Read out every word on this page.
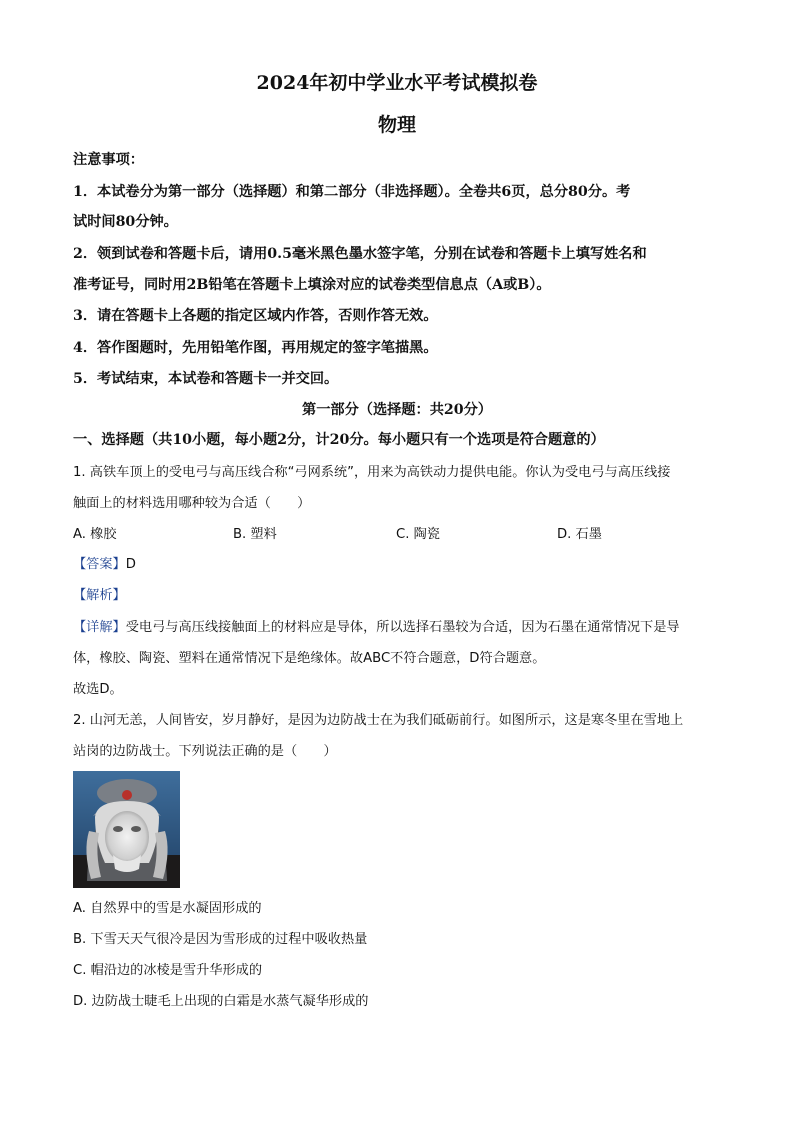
2024年初中学业水平考试模拟卷
物理
注意事项：
1．本试卷分为第一部分（选择题）和第二部分（非选择题）。全卷共6页，总分80分。考
试时间80分钟。
2．领到试卷和答题卡后，请用0.5毫米黑色墨水签字笔，分别在试卷和答题卡上填写姓名和
准考证号，同时用2B铅笔在答题卡上填涂对应的试卷类型信息点（A或B）。
3．请在答题卡上各题的指定区域内作答，否则作答无效。
4．答作图题时，先用铅笔作图，再用规定的签字笔描黑。
5．考试结束，本试卷和答题卡一并交回。
第一部分（选择题：共20分）
一、选择题（共10小题，每小题2分，计20分。每小题只有一个选项是符合题意的）
1. 高铁车顶上的受电弓与高压线合称“弓网系统”，用来为高铁动力提供电能。你认为受电弓与高压线接
触面上的材料选用哪种较为合适（　　）
A. 橡胶	B. 塑料	C. 陶瓷	D. 石墨
【答案】D
【解析】
【详解】受电弓与高压线接触面上的材料应是导体，所以选择石墨较为合适，因为石墨在通常情况下是导
体，橡胶、陶瓷、塑料在通常情况下是绝缘体。故ABC不符合题意，D符合题意。
故选D。
2. 山河无恙，人间皆安，岁月静好，是因为边防战士在为我们砥砺前行。如图所示，这是寒冬里在雪地上
站岗的边防战士。下列说法正确的是（　　）
A. 自然界中的雪是水凝固形成的
B. 下雪天天气很冷是因为雪形成的过程中吸收热量
C. 帽沿边的冰棱是雪升华形成的
D. 边防战士睫毛上出现的白霜是水蒸气凝华形成的
